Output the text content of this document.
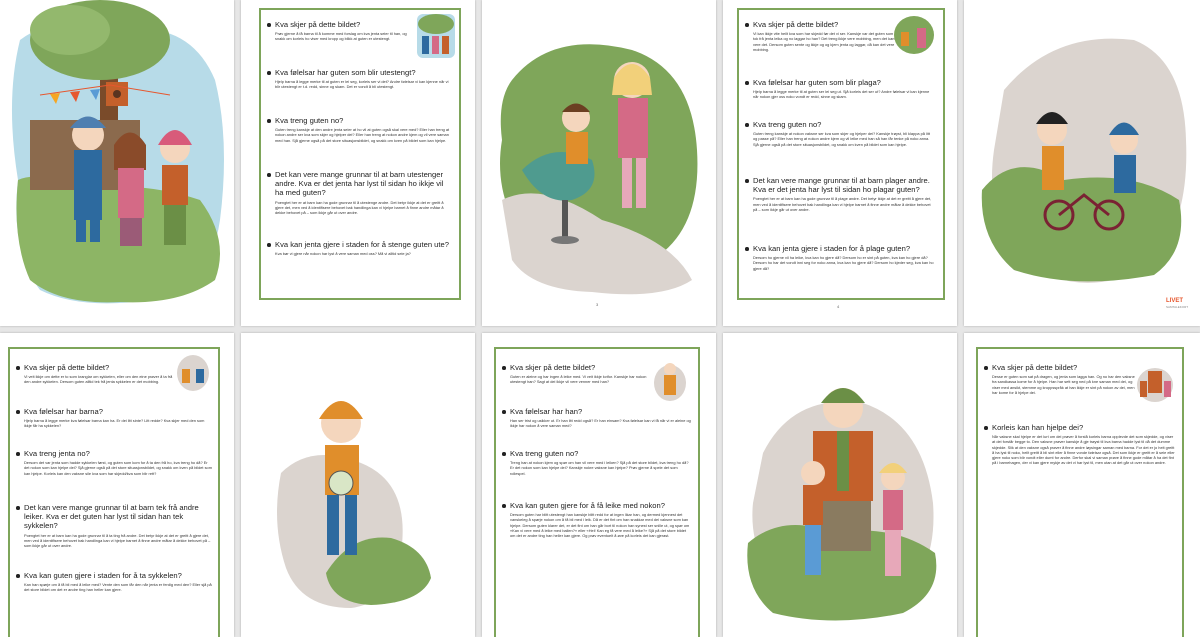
Kva skjer på dette bildet?

Prøv gjerne å få barna til å komme med forslag om kva jenta seier til han, og snakk om korleis ho viser med kropp og blikk at guten er utestengt.

Kva følelsar har guten som blir utestengt?

Hjelp barna å legge merke til at guten er lei seg, korleis ser vi det? Andre følelsar vi kan kjenne når vi blir utestengt er t.d. redd, sinne og skam. Det er vondt å bli utestengt.

Kva treng guten no?

Guten treng kanskje at den andre jenta seier at ho vil at guten også skal vere med? Eller han treng at nokon andre ser kva som skjer og hjelper dei? Eller han treng at nokon andre kjem og vil vere saman med han. Sjå gjerne også på det store situasjonsbildet, og snakk om kven på bildet som kan hjelpe.

Det kan vere mange grunnar til at barn utestenger andre. Kva er det jenta har lyst til sidan ho ikkje vil ha med guten?

Poengtet her er at barn kan ha gode grunnar til å utestenge andre. Det betyr ikkje at det er greitt å gjere det, men ved å identifisere behovet bak handlinga kan vi hjelpe barnet å finne andre måtar å dekke behovet på – som ikkje går ut over andre.

Kva kan jenta gjere i staden for å stenge guten ute?

Kva bør vi gjere når nokon har lyst å vere saman med oss? Må vi alltid seie ja?

3

Kva skjer på dette bildet?

Vi kan ikkje vite heilt kva som har skjedd før det vi ser. Kanskje var det guten som tok frå jenta leika og no laggar ho han? Det treng ikkje vere mobbing, men det kan vere det. Dersom guten sente og ikkje og og kjem jenta og laggar, då kan det vere mobbing.

Kva følelsar har guten som blir plaga?

Hjelp barna å legge merke til at guten ser lei seg ut. Sjå korleis det ser ut? Andre følelsar vi kan kjenne når nokon gjer oss noko vondt er redd, sinne og skam.

Kva treng guten no?

Guten treng kanskje at nokon vaksne ser kva som skjer og hjelper dei? Kanskje trøyst, bli klappa på litt og passe på? Eller han treng at nokon andre kjem og vil leike med han så han får tenke på noko anna. Sjå gjerne også på det store situasjonsbildet, og snakk om kven på bildet som kan hjelpe.

Det kan vere mange grunnar til at barn plager andre. Kva er det jenta har lyst til sidan ho plagar guten?

Poengtet her er at barn kan ha gode grunnar til å plage andre. Det betyr ikkje at det er greitt å gjere det, men ved å identifisere behovet bak handlinga kan vi hjelpe barnet å finne andre måtar å dekke behovet på – som ikkje går ut over andre.

Kva kan jenta gjere i staden for å plage guten?

Dersom ho gjerne vil ha leike, kva kan ho gjere då? Dersom ho er sint på guten, kva kan ho gjere då? Dersom ho har det vondt inni seg for noko anna, kva kan ho gjere då? Dersom ho kjeder seg, kva kan ho gjere då?

4
LIVET
SAMTALEKORT

Kva skjer på dette bildet?

Vi veit ikkje om dette er to som kranglar om sykkelen, eller om den eine prøver å ta frå den andre sykkelen. Dersom guten alltid tek frå jenta sykkelen er det mobbing.

Kva følelsar har barna?

Hjelp barna å legge merke kva følelsar barna kan ha. Er dei litt sinte? Litt redde? Kva skjer med den som ikkje får ha sykkelen?

Kva treng jenta no?

Dersom det var jenta som hadde sykkelen først, og guten som kom for å ta den frå ho, kva treng ho då? Er det nokon som kan hjelpe dei? Sjå gjerne også på det store situasjonsbildet, og snakk om kven på bildet som kan hjelpe. Korleis kan den vaksne sile kva som har skjedd/kva som blir rett?

Det kan vere mange grunnar til at barn tek frå andre leiker. Kva er det guten har lyst til sidan han tek sykkelen?

Poengtet her er at barn kan ha gode grunnar til å ta ting frå andre. Det betyr ikkje at det er greitt å gjere det, men ved å identifisere behovet bak handlinga kan vi hjelpe barnet å finne andre måtar å dekke behovet på – som ikkje går ut over andre.

Kva kan guten gjere i staden for å ta sykkelen?

Kan han spørje om å få bli med å leike med? Vente den som får den når jenta er ferdig med den? Eller sjå på det store bildet om det er andre ting han heller kan gjere.

Kva skjer på dette bildet?

Guten er aleine og har ingen å leike med. Vi veit ikkje kvifor. Kanskje har nokon utestengt han? Sagt at dei ikkje vil vere venner med han?

Kva følelsar har han?

Han ser trist og usikker ut. Er han litt redd også? Er han einsam? Kva følelsar kan vi få når vi er aleine og ikkje har nokon å vere saman med?

Kva treng guten no?

Treng han at nokon kjem og spør om han vil vere med i leiken? Sjå på det store bildet, kva treng ho då? Er det nokon som kan hjelpe dei? Kanskje nokre vaksne kan hjelpe? Prøv gjerne å spele det som rollespel.

Kva kan guten gjere for å få leike med nokon?

Dersom guten har blitt utestengt han kanskje blitt redd for at ingen likar han, og dermed kjennest det vanskeleg å spørje nokon om å få bli med i leik. Då er det fint om han snakkar med dei vaksne som kan hjelpe. Dersom guten klarer det, er det fint om han går bort til nokon han synest ser snille ut, og spør om «Kan vi vere med å leike med ballen?» eller «Hei! Kan eg få vere med å leike?» Sjå på det store bildet om det er andre ting han heller kan gjere. Og prøv eventuelt å øve på korleis det kan gjerast.

Kva skjer på dette bildet?

Desse er guten som sat på dragen, og jenta som lagga han. Og no har den vaksne fra sandkassa kome for å hjelpe. Han har sett seg ned på kne saman med dei, og viser med ansikt, stemme og kroppsspråk at han ikkje er sint på nokon av dei, men har kome for å hjelpe dei.

Korleis kan han hjelpe dei?

Når vaksne skal hjelpe er det lurt om dei prøver å forstå korleis barna opplevde det som skjedde, og viser at dei forstår begge to. Den vaksne prøver kanskje å gje trøyst til kva barna hadde lyst til då det dumme skjedde. Slik at den vaksne også prøver å finne andre løysingar saman med barna. For det er jo heit greitt å ha lyst til noko, heilt greitt å bli sint eller å finne vonde følelsar også. Det som ikkje er greitt er å seie eller gjere noko som blir vondt eller dumt for andre. Derfor skal vi saman prøve å finne gode måtar å ha det fint på i barnehagen, der vi kan gjere mykje av det vi har lyst til, men utan at det går ut over nokon andre.
